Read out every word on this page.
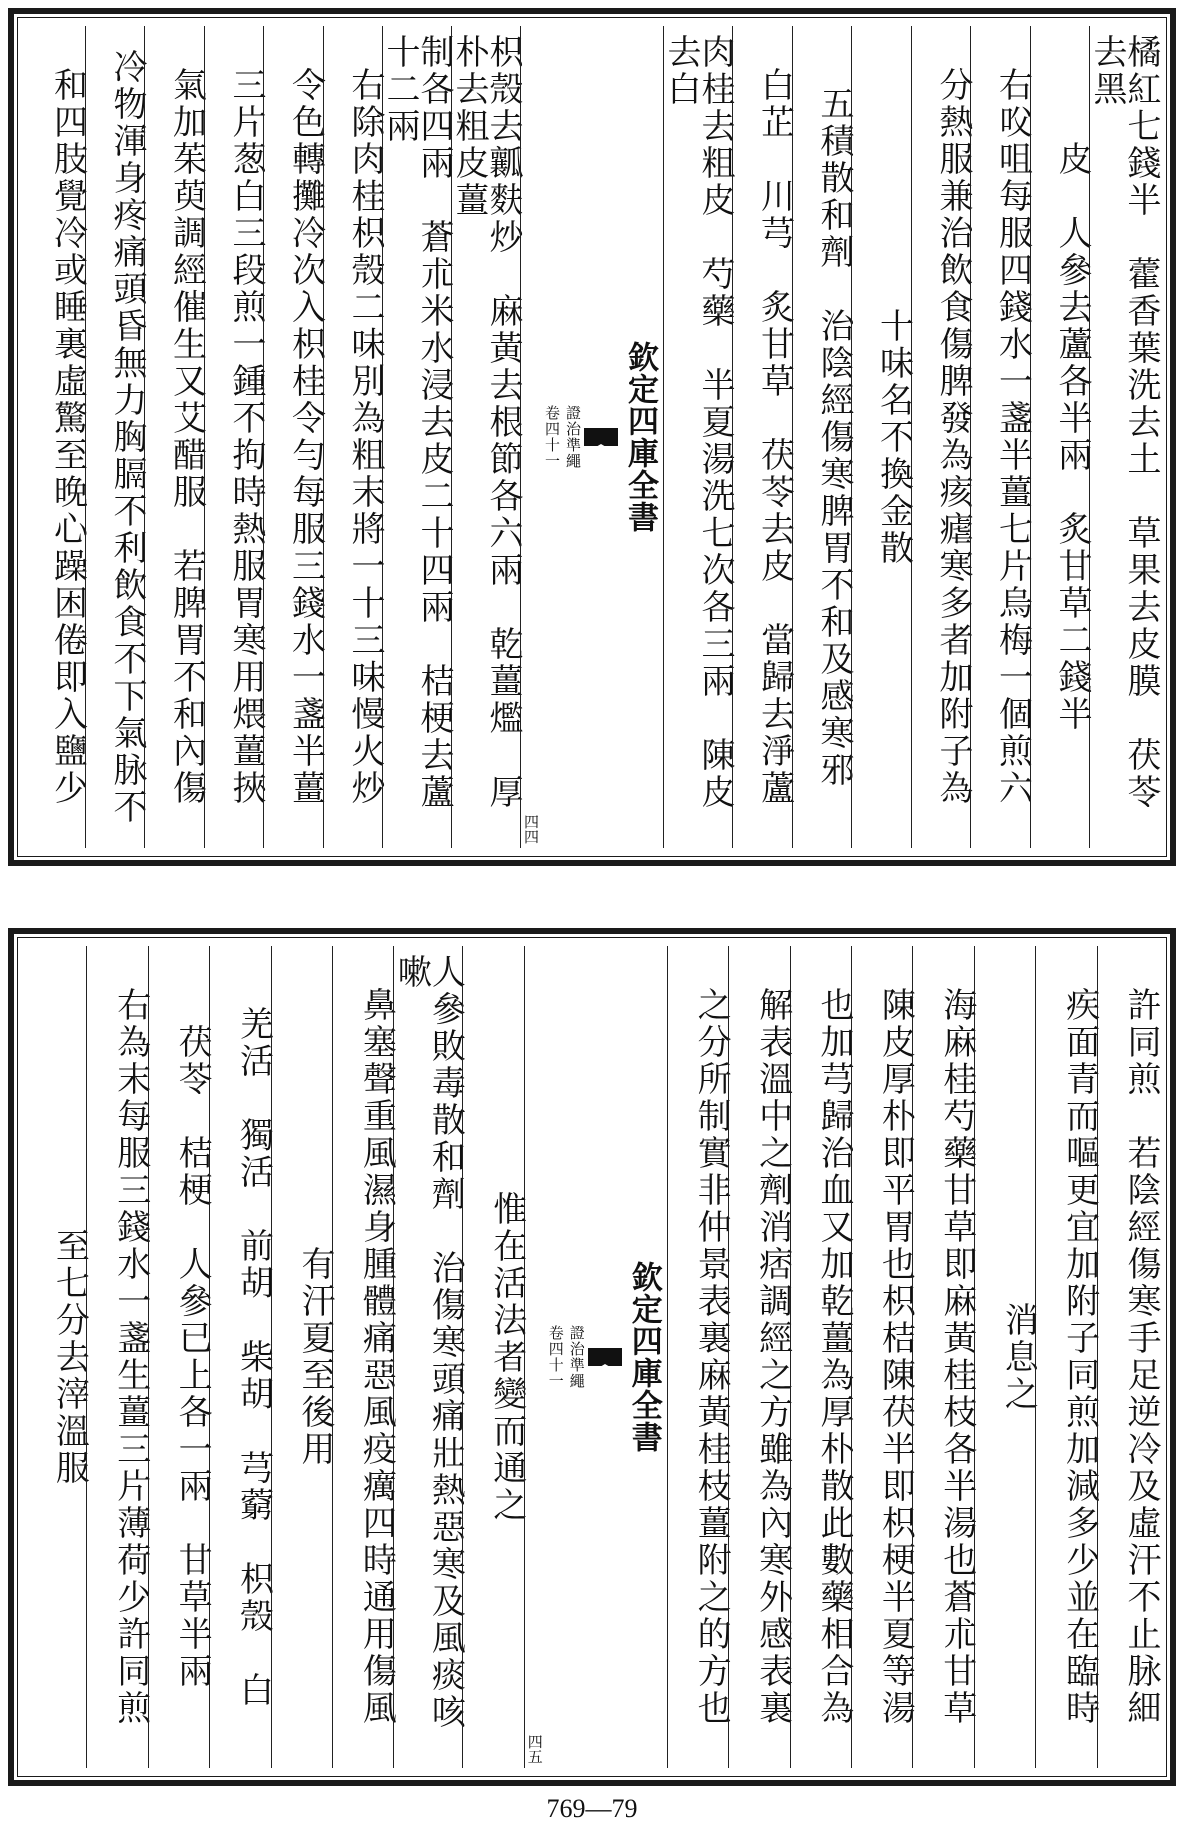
橘紅七錢半　藿香葉洗去土　草果去皮膜　茯苓去黑
皮　人參去蘆各半兩　炙甘草二錢半
右㕮咀每服四錢水一盞半薑七片烏梅一個煎六
分熱服兼治飲食傷脾發為痎瘧寒多者加附子為
十味名不換金散
五積散和劑　治陰經傷寒脾胃不和及感寒邪
白芷　川芎　炙甘草　茯苓去皮　當歸去淨蘆
肉桂去粗皮　芍藥　半夏湯洗七次各三兩　陳皮去白
欽定四庫全書
證治準繩
卷四十一
四四
枳殼去瓤麩炒　麻黃去根節各六兩　乾薑爁　厚朴去粗皮薑
制各四兩　蒼朮米水浸去皮二十四兩　桔梗去蘆十二兩
右除肉桂枳殼二味別為粗末將一十三味慢火炒
令色轉攤冷次入枳桂令勻每服三錢水一盞半薑
三片葱白三段煎一鍾不拘時熱服胃寒用煨薑挾
氣加茱萸調經催生又艾醋服　若脾胃不和內傷
冷物渾身疼痛頭昏無力胸膈不利飲食不下氣脉不
和四肢覺冷或睡裏虛驚至晚心躁困倦即入鹽少
許同煎　若陰經傷寒手足逆冷及虛汗不止脉細
疾面青而嘔更宜加附子同煎加減多少並在臨時
消息之
海麻桂芍藥甘草即麻黃桂枝各半湯也蒼朮甘草
陳皮厚朴即平胃也枳桔陳茯半即枳梗半夏等湯
也加芎歸治血又加乾薑為厚朴散此數藥相合為
解表溫中之劑消痞調經之方雖為內寒外感表裏
之分所制實非仲景表裏麻黃桂枝薑附之的方也
欽定四庫全書
證治準繩
卷四十一
四五
惟在活法者變而通之
人參敗毒散和劑　治傷寒頭痛壯熱惡寒及風痰咳嗽
鼻塞聲重風濕身腫體痛惡風疫癘四時通用傷風
有汗夏至後用
羌活　獨活　前胡　柴胡　芎藭　枳殼　白
茯苓　桔梗　人參已上各一兩　甘草半兩
右為末每服三錢水一盞生薑三片薄荷少許同煎
至七分去滓溫服
769—79
